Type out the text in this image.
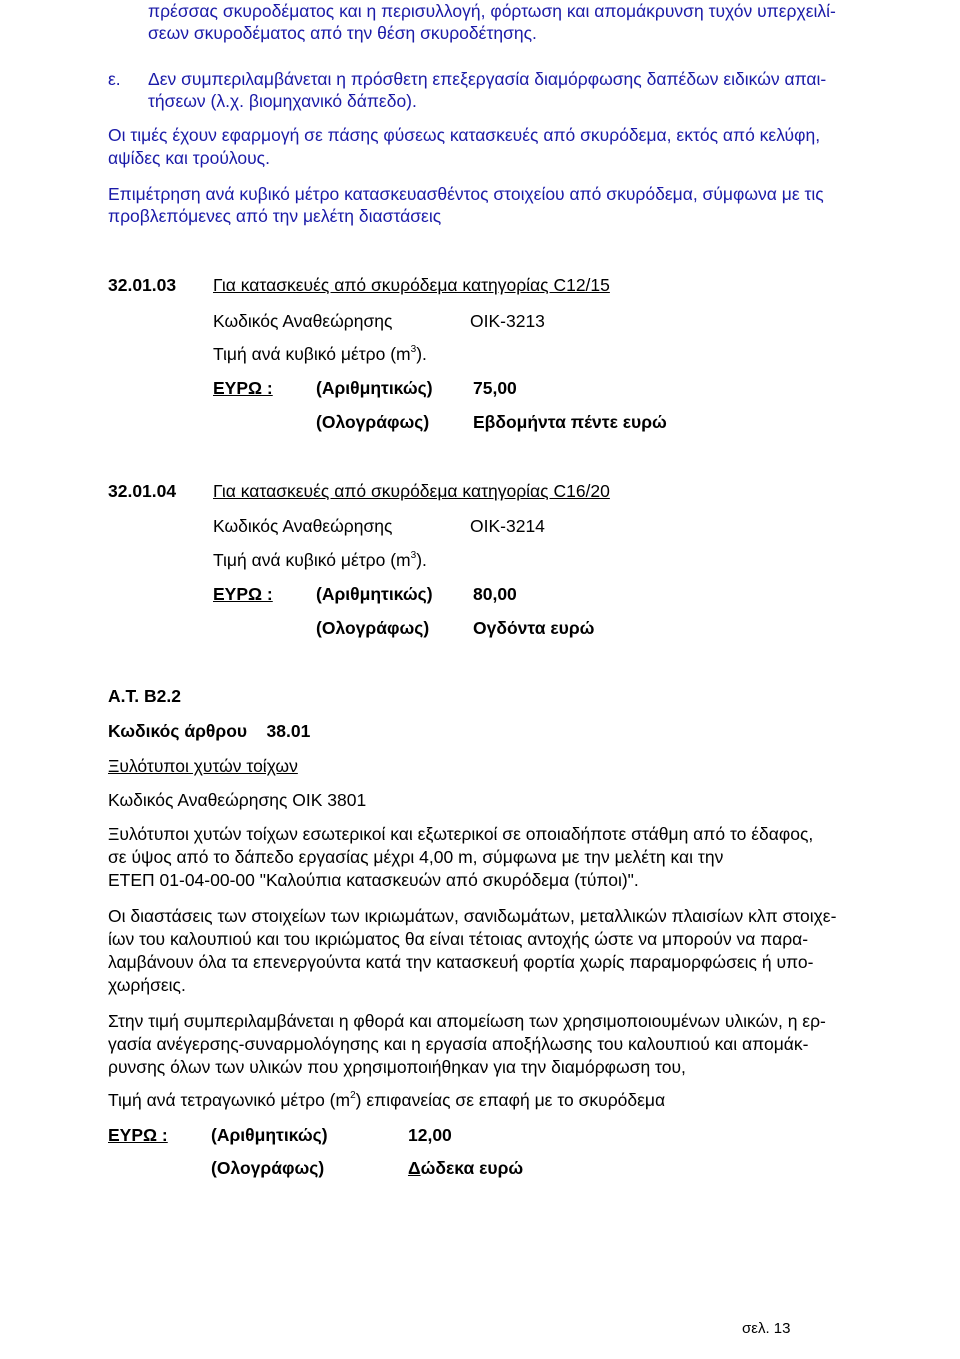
πρέσσας σκυροδέματος και η περισυλλογή, φόρτωση και απομάκρυνση τυχόν υπερχειλί-
σεων σκυροδέματος από την θέση σκυροδέτησης.
ε. Δεν συμπεριλαμβάνεται η πρόσθετη επεξεργασία διαμόρφωσης δαπέδων ειδικών απαι-
τήσεων (λ.χ. βιομηχανικό δάπεδο).
Οι τιμές έχουν εφαρμογή σε πάσης φύσεως κατασκευές από σκυρόδεμα, εκτός από κελύφη,
αψίδες και τρούλους.
Επιμέτρηση ανά κυβικό μέτρο κατασκευασθέντος στοιχείου από σκυρόδεμα, σύμφωνα με τις
προβλεπόμενες από την μελέτη διαστάσεις
32.01.03 Για κατασκευές από σκυρόδεμα κατηγορίας C12/15
Κωδικός Αναθεώρησης	ΟΙΚ-3213
Τιμή ανά κυβικό μέτρο $(m^3)$.
ΕΥΡΩ : (Αριθμητικώς) 75,00
(Ολογράφως)	Εβδομήντα πέντε ευρώ
32.01.04 Για κατασκευές από σκυρόδεμα κατηγορίας C16/20
Κωδικός Αναθεώρησης	ΟΙΚ-3214
Τιμή ανά κυβικό μέτρο $(m^3)$.
ΕΥΡΩ : (Αριθμητικώς) 80,00
(Ολογράφως)	Ογδόντα ευρώ
Α.Τ. Β2.2
Κωδικός άρθρου 38.01
Ξυλότυποι χυτών τοίχων
Κωδικός Αναθεώρησης ΟΙΚ 3801
Ξυλότυποι χυτών τοίχων εσωτερικοί και εξωτερικοί σε οποιαδήποτε στάθμη από το έδαφος,
σε ύψος από το δάπεδο εργασίας μέχρι 4,00 m, σύμφωνα με την μελέτη και την
ΕΤΕΠ 01-04-00-00 "Καλούπια κατασκευών από σκυρόδεμα (τύποι)".
Οι διαστάσεις των στοιχείων των ικριωμάτων, σανιδωμάτων, μεταλλικών πλαισίων κλπ στοιχε-
ίων του καλουπιού και του ικριώματος θα είναι τέτοιας αντοχής ώστε να μπορούν να παρα-
λαμβάνουν όλα τα επενεργούντα κατά την κατασκευή φορτία χωρίς παραμορφώσεις ή υπο-
χωρήσεις.
Στην τιμή συμπεριλαμβάνεται η φθορά και απομείωση των χρησιμοποιουμένων υλικών, η ερ-
γασία ανέγερσης-συναρμολόγησης και η εργασία αποξήλωσης του καλουπιού και απομάκ-
ρυνσης όλων των υλικών που χρησιμοποιήθηκαν για την διαμόρφωση του,
Τιμή ανά τετραγωνικό μέτρο $(m^2)$ επιφανείας σε επαφή με το σκυρόδεμα
ΕΥΡΩ : (Αριθμητικώς)	12,00
(Ολογράφως)	Δώδεκα ευρώ
σελ. 13
